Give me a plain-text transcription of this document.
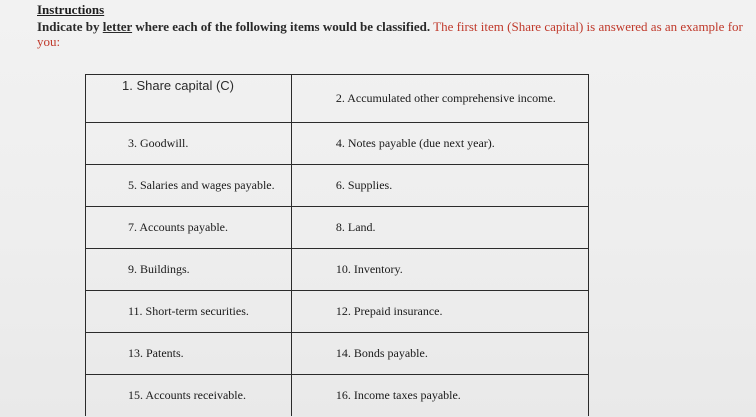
Instructions

Indicate by letter where each of the following items would be classified. The first item (Share capital) is answered as an example for you:

1. Share capital (C)	2. Accumulated other comprehensive income.
3. Goodwill.	4. Notes payable (due next year).
5. Salaries and wages payable.	6. Supplies.
7. Accounts payable.	8. Land.
9. Buildings.	10. Inventory.
11. Short-term securities.	12. Prepaid insurance.
13. Patents.	14. Bonds payable.
15. Accounts receivable.	16. Income taxes payable.
